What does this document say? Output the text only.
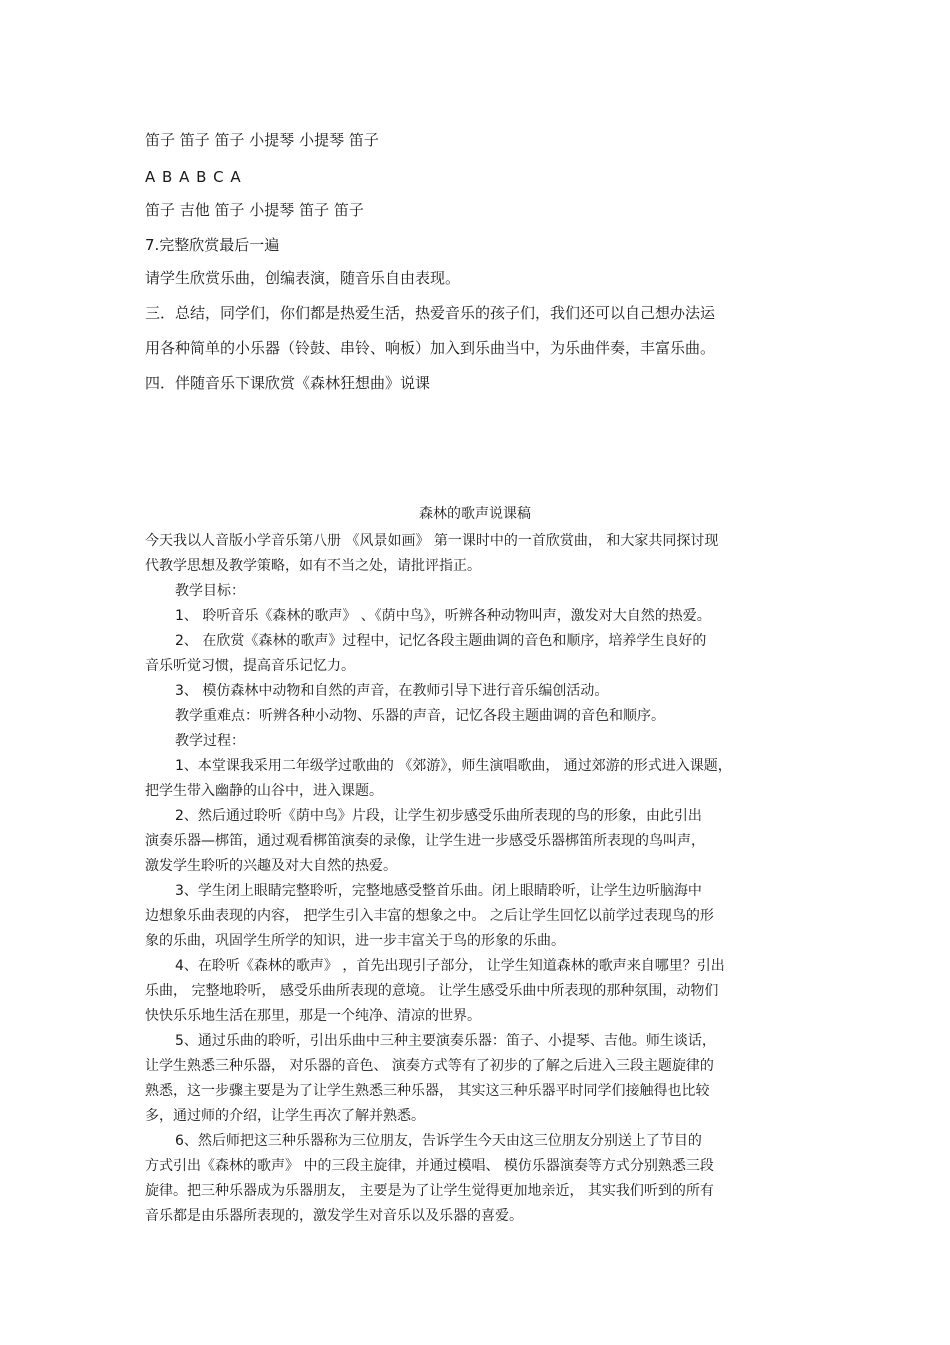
笛子 笛子 笛子 小提琴 小提琴 笛子
A B A B C A
笛子 吉他 笛子 小提琴 笛子 笛子
7.完整欣赏最后一遍
请学生欣赏乐曲，创编表演，随音乐自由表现。
三．总结，同学们，你们都是热爱生活，热爱音乐的孩子们，我们还可以自己想办法运
用各种简单的小乐器（铃鼓、串铃、响板）加入到乐曲当中，为乐曲伴奏，丰富乐曲。
四．伴随音乐下课欣赏《森林狂想曲》说课
森林的歌声说课稿
今天我以人音版小学音乐第八册 《风景如画》 第一课时中的一首欣赏曲， 和大家共同探讨现
代教学思想及教学策略，如有不当之处，请批评指正。
教学目标：
1、 聆听音乐《森林的歌声》 、《荫中鸟》，听辨各种动物叫声，激发对大自然的热爱。
2、 在欣赏《森林的歌声》过程中，记忆各段主题曲调的音色和顺序，培养学生良好的
音乐听觉习惯，提高音乐记忆力。
3、 模仿森林中动物和自然的声音，在教师引导下进行音乐编创活动。
教学重难点：听辨各种小动物、乐器的声音，记忆各段主题曲调的音色和顺序。
教学过程：
1、本堂课我采用二年级学过歌曲的 《郊游》，师生演唱歌曲， 通过郊游的形式进入课题，
把学生带入幽静的山谷中，进入课题。
2、然后通过聆听《荫中鸟》片段，让学生初步感受乐曲所表现的鸟的形象，由此引出
演奏乐器—梆笛，通过观看梆笛演奏的录像，让学生进一步感受乐器梆笛所表现的鸟叫声，
激发学生聆听的兴趣及对大自然的热爱。
3、学生闭上眼睛完整聆听，完整地感受整首乐曲。闭上眼睛聆听，让学生边听脑海中
边想象乐曲表现的内容， 把学生引入丰富的想象之中。 之后让学生回忆以前学过表现鸟的形
象的乐曲，巩固学生所学的知识，进一步丰富关于鸟的形象的乐曲。
4、在聆听《森林的歌声》 ，首先出现引子部分， 让学生知道森林的歌声来自哪里？引出
乐曲， 完整地聆听， 感受乐曲所表现的意境。 让学生感受乐曲中所表现的那种氛围，动物们
快快乐乐地生活在那里，那是一个纯净、清凉的世界。
5、通过乐曲的聆听，引出乐曲中三种主要演奏乐器：笛子、小提琴、吉他。师生谈话，
让学生熟悉三种乐器， 对乐器的音色、 演奏方式等有了初步的了解之后进入三段主题旋律的
熟悉，这一步骤主要是为了让学生熟悉三种乐器， 其实这三种乐器平时同学们接触得也比较
多，通过师的介绍，让学生再次了解并熟悉。
6、然后师把这三种乐器称为三位朋友，告诉学生今天由这三位朋友分别送上了节目的
方式引出《森林的歌声》 中的三段主旋律，并通过模唱、 模仿乐器演奏等方式分别熟悉三段
旋律。把三种乐器成为乐器朋友， 主要是为了让学生觉得更加地亲近， 其实我们听到的所有
音乐都是由乐器所表现的，激发学生对音乐以及乐器的喜爱。
